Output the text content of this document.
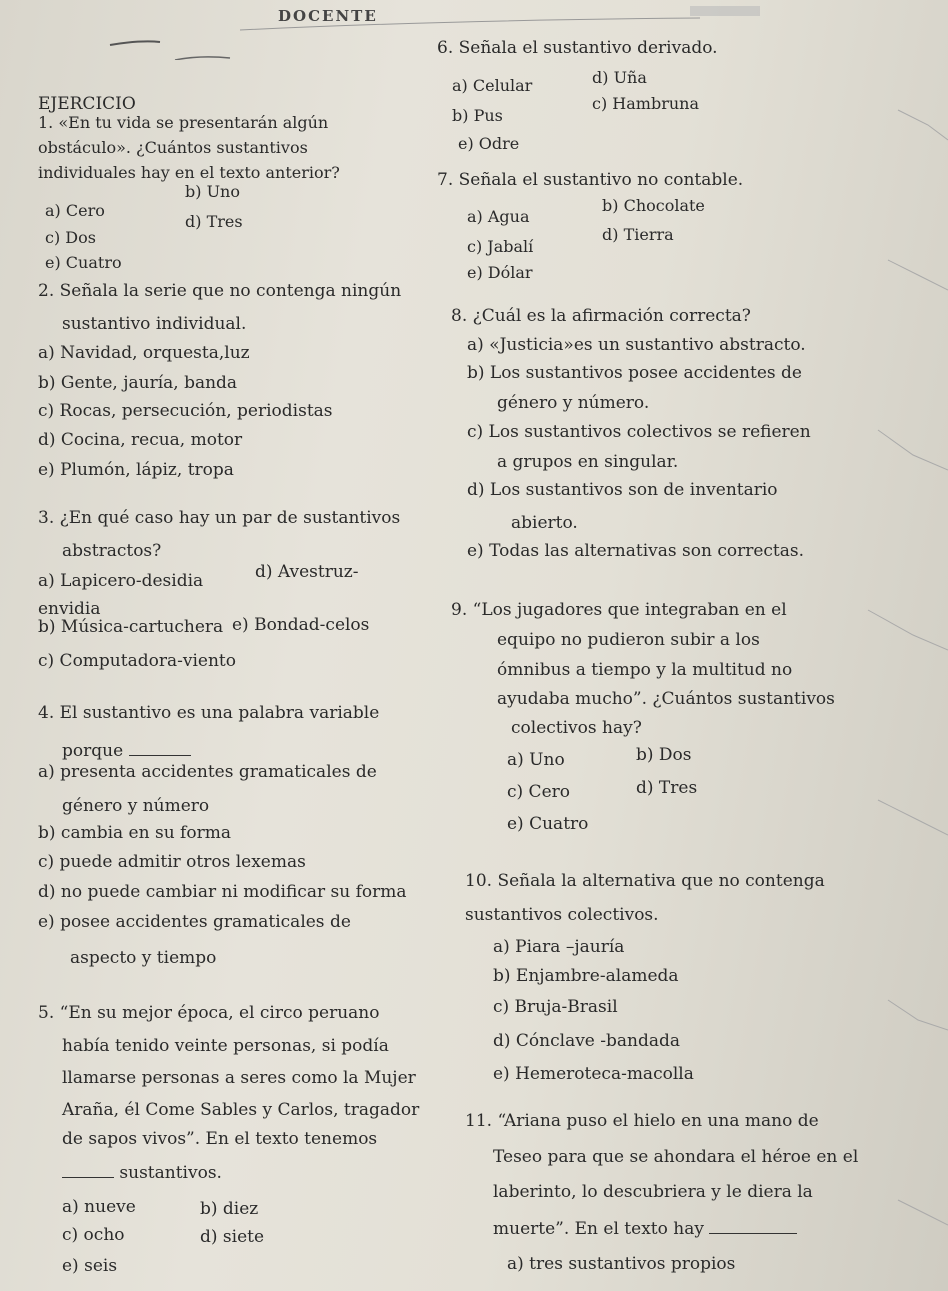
DOCENTE
EJERCICIO
1. «En tu vida se presentarán algún
obstáculo». ¿Cuántos sustantivos
individuales hay en el texto anterior?
a) Cero
b) Uno
c) Dos
d) Tres
e) Cuatro
2. Señala la serie que no contenga ningún
sustantivo individual.
a) Navidad, orquesta,luz
b) Gente, jauría, banda
c) Rocas, persecución, periodistas
d) Cocina, recua, motor
e) Plumón, lápiz, tropa
3. ¿En qué caso hay un par de sustantivos
abstractos?
a) Lapicero-desidia	d) Avestruz-
envidia
b) Música-cartuchera e) Bondad-celos
c) Computadora-viento
4. El sustantivo es una palabra variable
porque
a) presenta accidentes gramaticales de
género y número
b) cambia en su forma
c) puede admitir otros lexemas
d) no puede cambiar ni modificar su forma
e) posee accidentes gramaticales de
aspecto y tiempo
5. “En su mejor época, el circo peruano
había tenido veinte personas, si podía
llamarse personas a seres como la Mujer
Araña, él Come Sables y Carlos, tragador
de sapos vivos”. En el texto tenemos
sustantivos.
a) nueve	b) diez
c) ocho	d) siete
e) seis
6. Señala el sustantivo derivado.
a) Celular	d) Uña
b) Pus
c) Hambruna
e) Odre
7. Señala el sustantivo no contable.
a) Agua
b) Chocolate
c) Jabalí
d) Tierra
e) Dólar
8. ¿Cuál es la afirmación correcta?
a) «Justicia»es un sustantivo abstracto.
b) Los sustantivos posee accidentes de
género y número.
c) Los sustantivos colectivos se refieren
a grupos en singular.
d) Los sustantivos son de inventario
abierto.
e) Todas las alternativas son correctas.
9. “Los jugadores que integraban en el
equipo no pudieron subir a los
ómnibus a tiempo y la multitud no
ayudaba mucho”. ¿Cuántos sustantivos
colectivos hay?
a) Uno	b) Dos
c) Cero	d) Tres
e) Cuatro
10. Señala la alternativa que no contenga
sustantivos colectivos.
a) Piara –jauría
b) Enjambre-alameda
c) Bruja-Brasil
d) Cónclave -bandada
e) Hemeroteca-macolla
11. “Ariana puso el hielo en una mano de
Teseo para que se ahondara el héroe en el
laberinto, lo descubriera y le diera la
muerte”. En el texto hay
a) tres sustantivos propios
